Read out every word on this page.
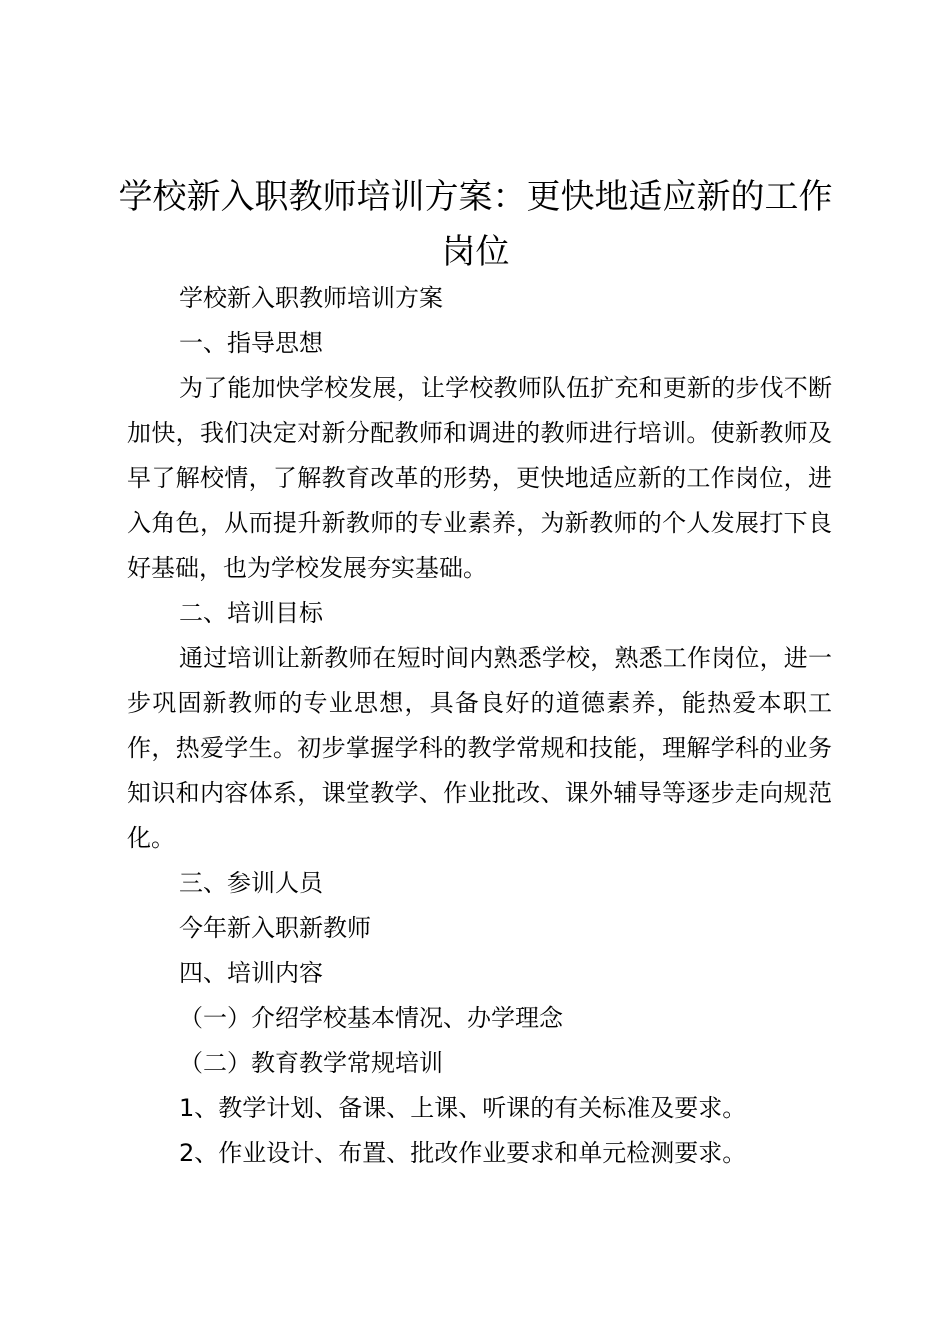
学校新入职教师培训方案：更快地适应新的工作岗位

学校新入职教师培训方案

一、指导思想

为了能加快学校发展，让学校教师队伍扩充和更新的步伐不断加快，我们决定对新分配教师和调进的教师进行培训。使新教师及早了解校情，了解教育改革的形势，更快地适应新的工作岗位，进入角色，从而提升新教师的专业素养，为新教师的个人发展打下良好基础，也为学校发展夯实基础。

二、培训目标

通过培训让新教师在短时间内熟悉学校，熟悉工作岗位，进一步巩固新教师的专业思想，具备良好的道德素养，能热爱本职工作，热爱学生。初步掌握学科的教学常规和技能，理解学科的业务知识和内容体系，课堂教学、作业批改、课外辅导等逐步走向规范化。

三、参训人员

今年新入职新教师

四、培训内容

（一）介绍学校基本情况、办学理念

（二）教育教学常规培训

1、教学计划、备课、上课、听课的有关标准及要求。

2、作业设计、布置、批改作业要求和单元检测要求。
